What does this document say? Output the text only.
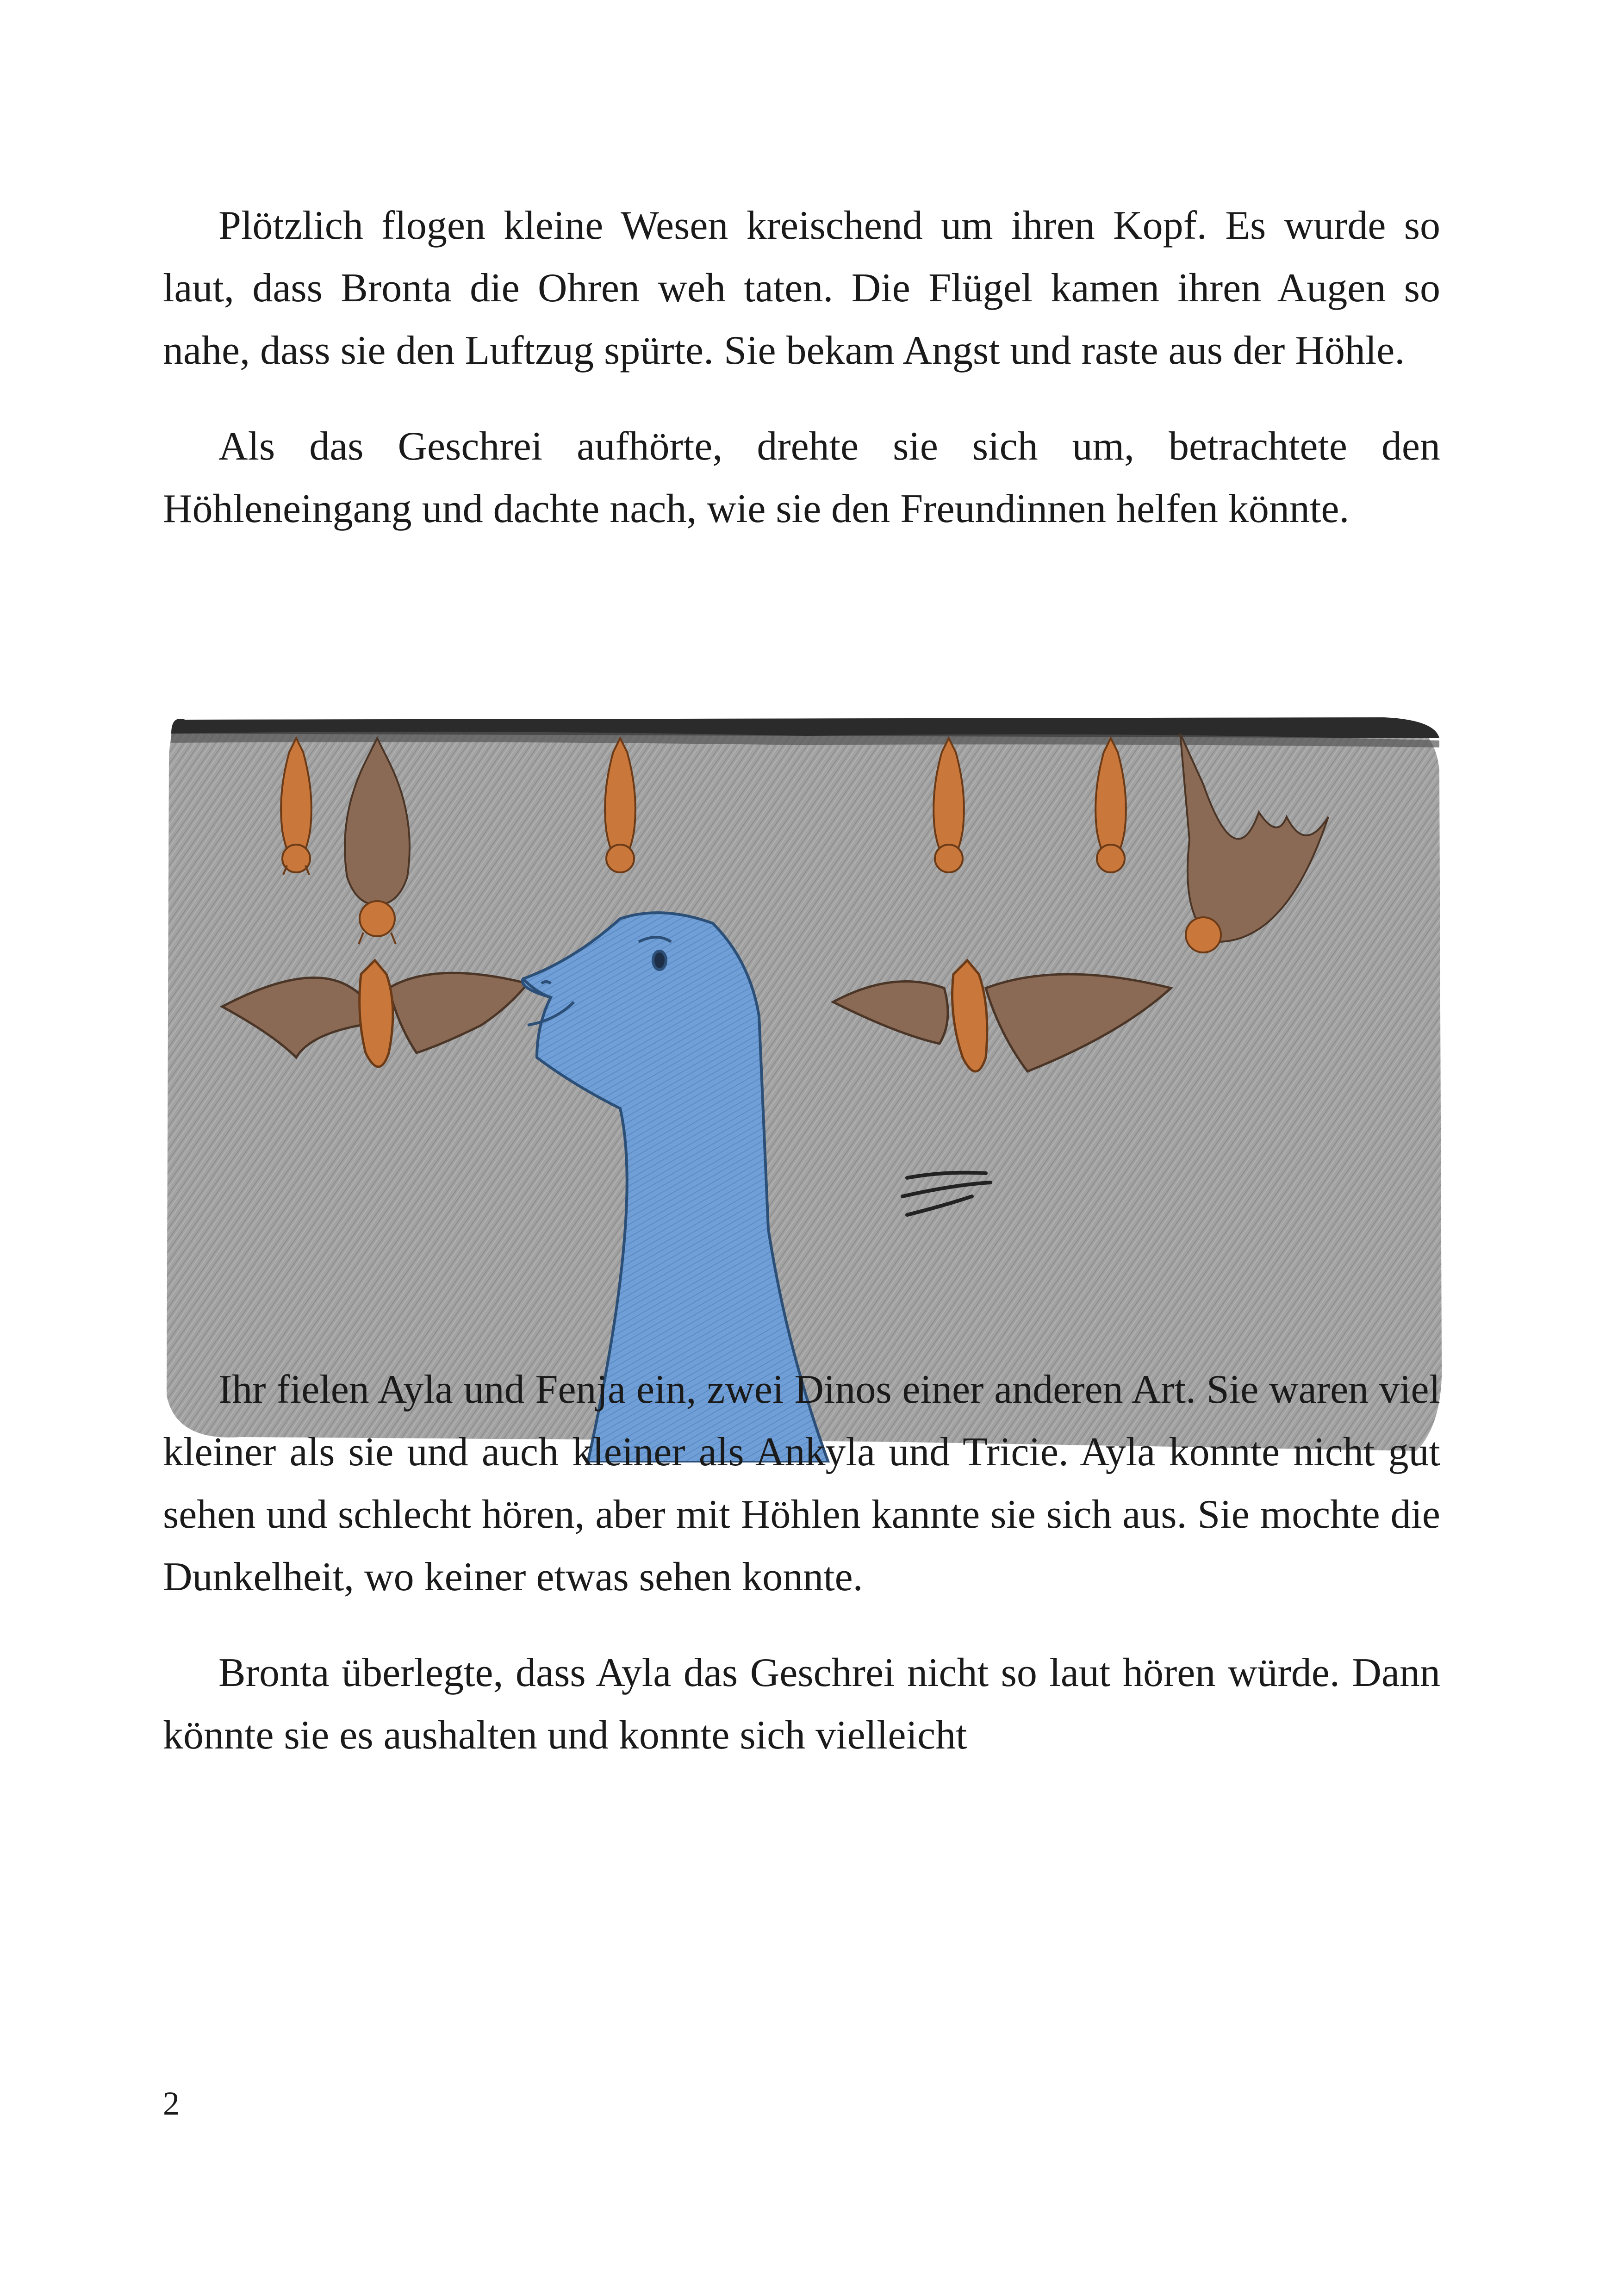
Plötzlich flogen kleine Wesen kreischend um ihren Kopf. Es wurde so laut, dass Bronta die Ohren weh taten. Die Flügel kamen ihren Augen so nahe, dass sie den Luftzug spürte. Sie bekam Angst und raste aus der Höhle.

Als das Geschrei aufhörte, drehte sie sich um, betrachtete den Höhleneingang und dachte nach, wie sie den Freundinnen helfen könnte.

Ihr fielen Ayla und Fenja ein, zwei Dinos einer anderen Art. Sie waren viel kleiner als sie und auch kleiner als Ankyla und Tricie. Ayla konnte nicht gut sehen und schlecht hören, aber mit Höhlen kannte sie sich aus. Sie mochte die Dunkelheit, wo keiner etwas sehen konnte.

Bronta überlegte, dass Ayla das Geschrei nicht so laut hören würde. Dann könnte sie es aushalten und konnte sich vielleicht

2
